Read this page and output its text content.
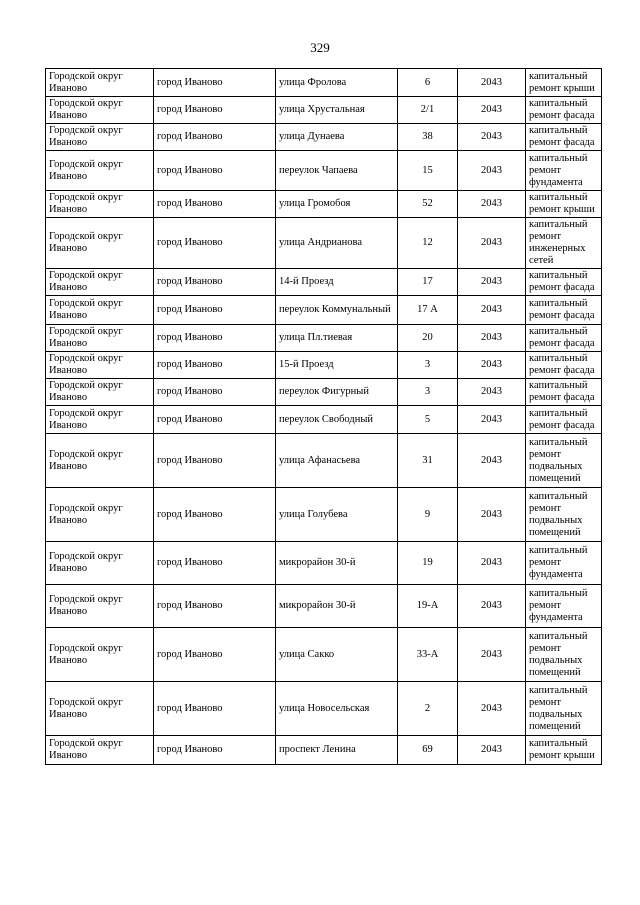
329
Городской округ Иваново	город Иваново	улица Фролова	6	2043	капитальный ремонт крыши
Городской округ Иваново	город Иваново	улица Хрустальная	2/1	2043	капитальный ремонт фасада
Городской округ Иваново	город Иваново	улица Дунаева	38	2043	капитальный ремонт фасада
Городской округ Иваново	город Иваново	переулок Чапаева	15	2043	капитальный ремонт фундамента
Городской округ Иваново	город Иваново	улица Громобоя	52	2043	капитальный ремонт крыши
Городской округ Иваново	город Иваново	улица Андрианова	12	2043	капитальный ремонт инженерных сетей
Городской округ Иваново	город Иваново	14-й Проезд	17	2043	капитальный ремонт фасада
Городской округ Иваново	город Иваново	переулок Коммунальный	17 А	2043	капитальный ремонт фасада
Городской округ Иваново	город Иваново	улица Пл.тиевая	20	2043	капитальный ремонт фасада
Городской округ Иваново	город Иваново	15-й Проезд	3	2043	капитальный ремонт фасада
Городской округ Иваново	город Иваново	переулок Фигурный	3	2043	капитальный ремонт фасада
Городской округ Иваново	город Иваново	переулок Свободный	5	2043	капитальный ремонт фасада
Городской округ Иваново	город Иваново	улица Афанасьева	31	2043	капитальный ремонт подвальных помещений
Городской округ Иваново	город Иваново	улица Голубева	9	2043	капитальный ремонт подвальных помещений
Городской округ Иваново	город Иваново	микрорайон 30-й	19	2043	капитальный ремонт фундамента
Городской округ Иваново	город Иваново	микрорайон 30-й	19-А	2043	капитальный ремонт фундамента
Городской округ Иваново	город Иваново	улица Сакко	33-А	2043	капитальный ремонт подвальных помещений
Городской округ Иваново	город Иваново	улица Новосельская	2	2043	капитальный ремонт подвальных помещений
Городской округ Иваново	город Иваново	проспект Ленина	69	2043	капитальный ремонт крыши
